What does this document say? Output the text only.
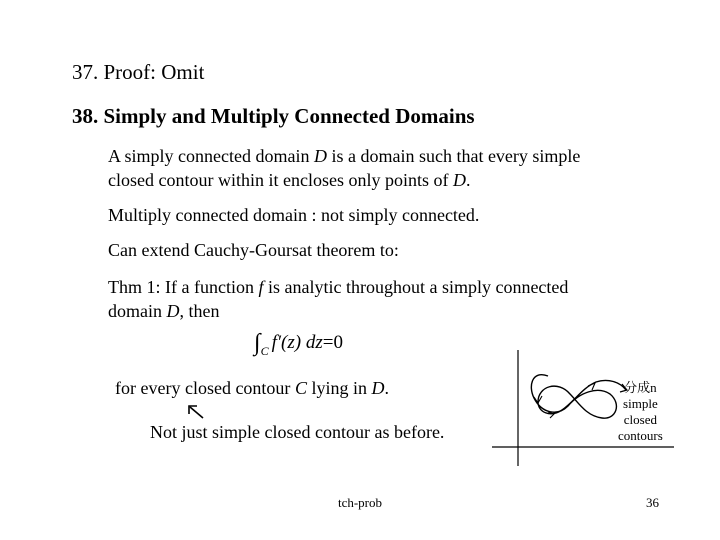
37. Proof: Omit
38. Simply and Multiply Connected Domains
A simply connected domain D is a domain such that every simple
closed contour within it encloses only points of D.
Multiply connected domain : not simply connected.
Can extend Cauchy-Goursat theorem to:
Thm 1: If a function f is analytic throughout a simply connected
domain D, then
$\int_C$ f′(z) dz=0
for every closed contour C lying in D.
Not just simple closed contour as before.
分成n
simple
closed
contours
tch-prob	36
